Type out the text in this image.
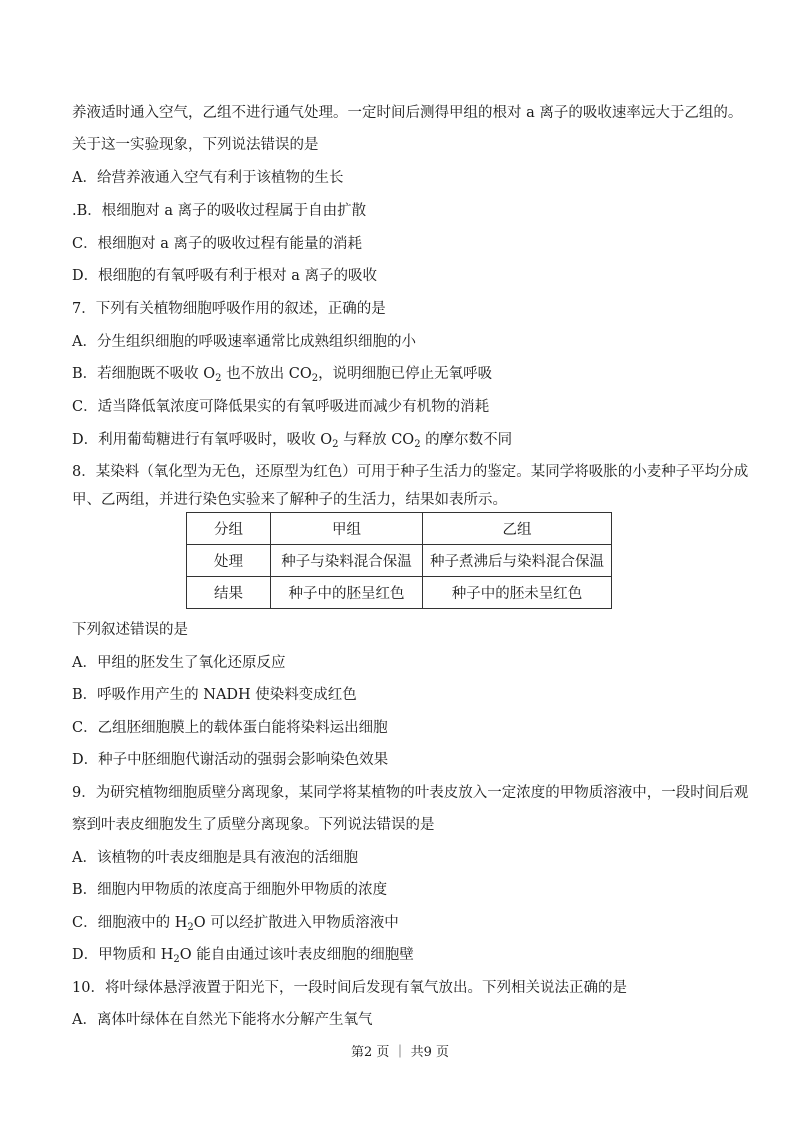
养液适时通入空气，乙组不进行通气处理。一定时间后测得甲组的根对 a 离子的吸收速率远大于乙组的。
关于这一实验现象，下列说法错误的是
A．给营养液通入空气有利于该植物的生长
.B．根细胞对 a 离子的吸收过程属于自由扩散
C．根细胞对 a 离子的吸收过程有能量的消耗
D．根细胞的有氧呼吸有利于根对 a 离子的吸收
7．下列有关植物细胞呼吸作用的叙述，正确的是
A．分生组织细胞的呼吸速率通常比成熟组织细胞的小
B．若细胞既不吸收 $O_2$ 也不放出 $CO_2$，说明细胞已停止无氧呼吸
C．适当降低氧浓度可降低果实的有氧呼吸进而减少有机物的消耗
D．利用葡萄糖进行有氧呼吸时，吸收 $O_2$ 与释放 $CO_2$ 的摩尔数不同
8．某染料（氧化型为无色，还原型为红色）可用于种子生活力的鉴定。某同学将吸胀的小麦种子平均分成
甲、乙两组，并进行染色实验来了解种子的生活力，结果如表所示。
分组	甲组	乙组
处理	种子与染料混合保温	种子煮沸后与染料混合保温
结果	种子中的胚呈红色	种子中的胚未呈红色
下列叙述错误的是
A．甲组的胚发生了氧化还原反应
B．呼吸作用产生的 NADH 使染料变成红色
C．乙组胚细胞膜上的载体蛋白能将染料运出细胞
D．种子中胚细胞代谢活动的强弱会影响染色效果
9．为研究植物细胞质壁分离现象，某同学将某植物的叶表皮放入一定浓度的甲物质溶液中，一段时间后观
察到叶表皮细胞发生了质壁分离现象。下列说法错误的是
A．该植物的叶表皮细胞是具有液泡的活细胞
B．细胞内甲物质的浓度高于细胞外甲物质的浓度
C．细胞液中的 $H_2O$ 可以经扩散进入甲物质溶液中
D．甲物质和 $H_2O$ 能自由通过该叶表皮细胞的细胞壁
10．将叶绿体悬浮液置于阳光下，一段时间后发现有氧气放出。下列相关说法正确的是
A．离体叶绿体在自然光下能将水分解产生氧气
第2 页 ｜ 共9 页
